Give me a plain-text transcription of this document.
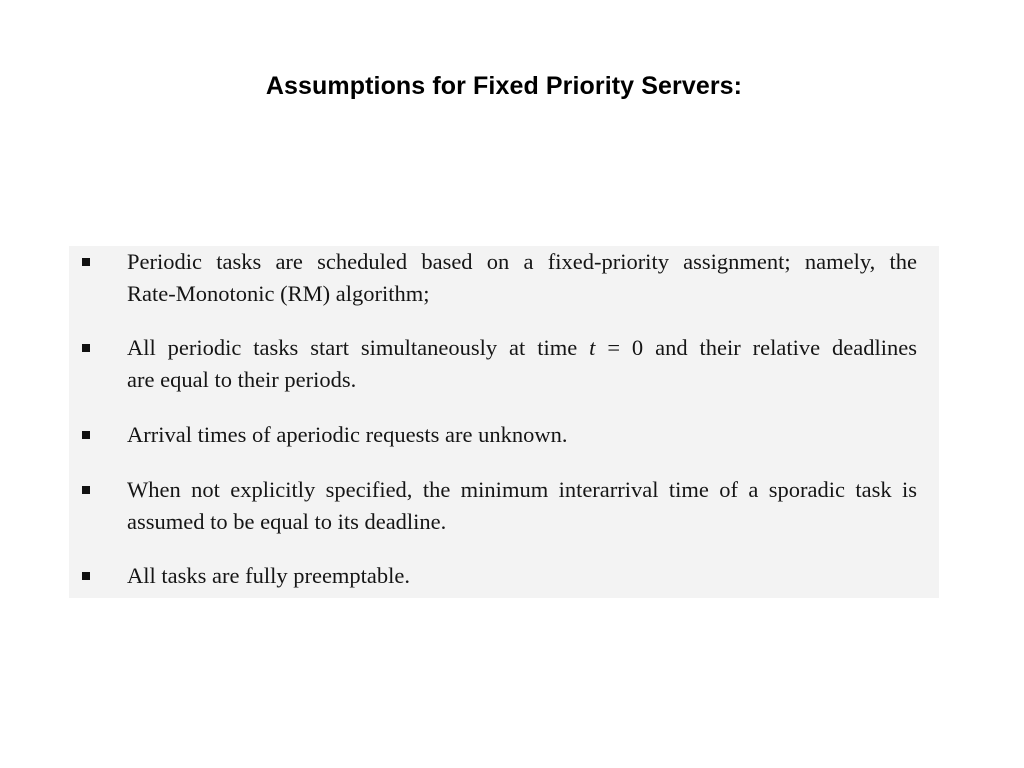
Assumptions for Fixed Priority Servers:
Periodic tasks are scheduled based on a fixed-priority assignment; namely, the
Rate-Monotonic (RM) algorithm;
All periodic tasks start simultaneously at time t = 0 and their relative deadlines
are equal to their periods.
Arrival times of aperiodic requests are unknown.
When not explicitly specified, the minimum interarrival time of a sporadic task is
assumed to be equal to its deadline.
All tasks are fully preemptable.
